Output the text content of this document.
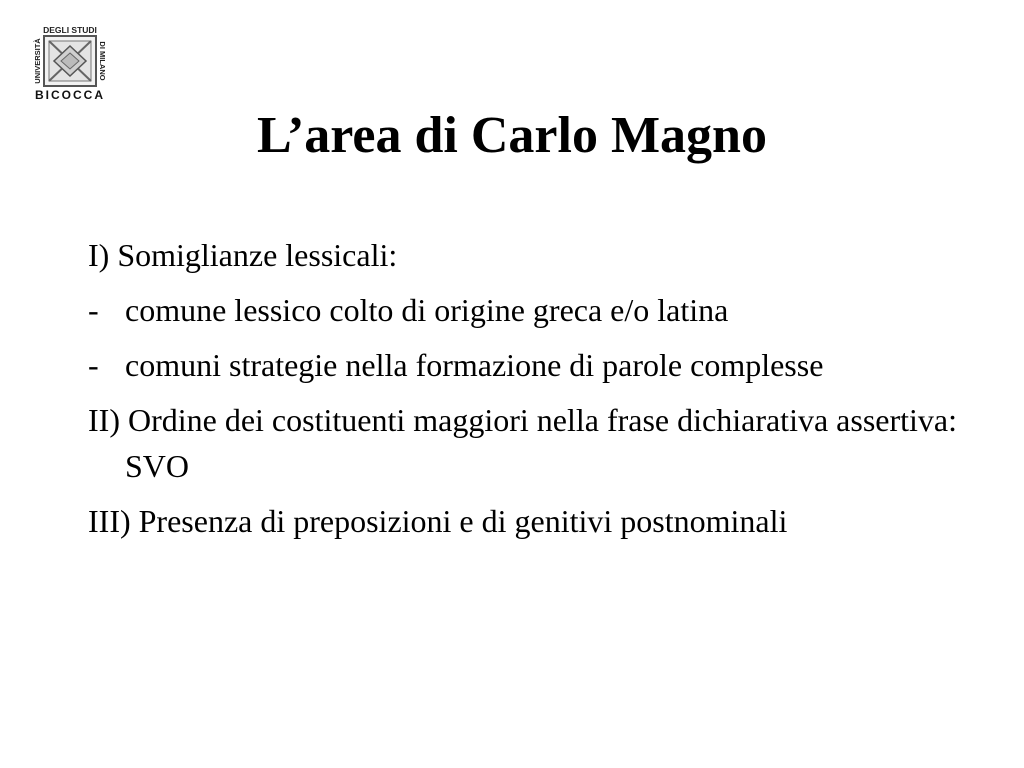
DEGLI STUDI
UNIVERSITÀ	DI MILANO
BICOCCA
L’area di Carlo Magno
I) Somiglianze lessicali:
- comune lessico colto di origine greca e/o latina
- comuni strategie nella formazione di parole complesse
II) Ordine dei costituenti maggiori nella frase dichiarativa assertiva: SVO
III) Presenza di preposizioni e di genitivi postnominali
